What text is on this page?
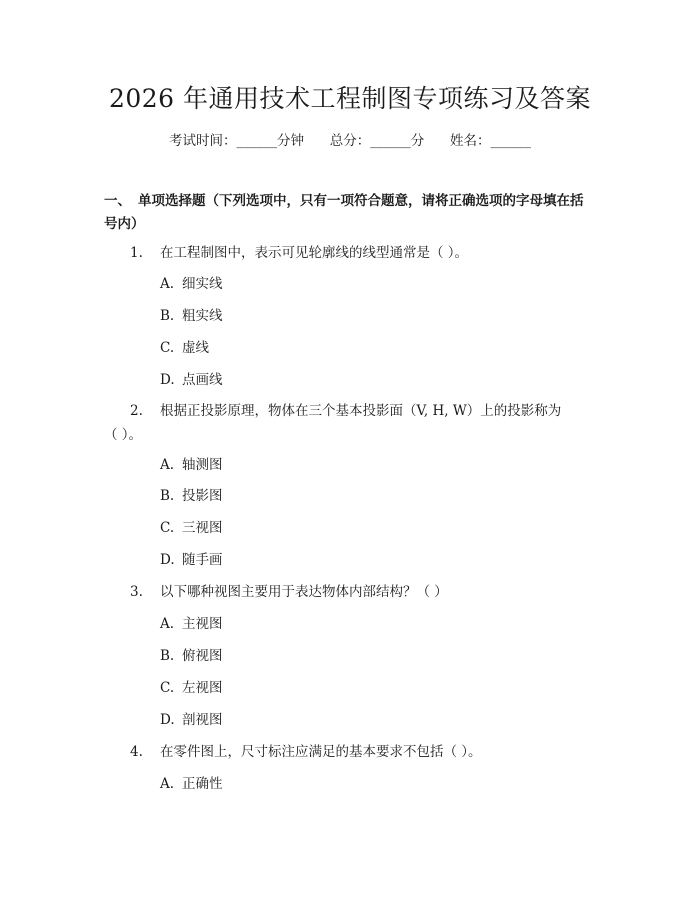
2026 年通用技术工程制图专项练习及答案
考试时间：______分钟 总分：______分 姓名：______
一、 单项选择题（下列选项中，只有一项符合题意，请将正确选项的字母填在括
号内）
1. 在工程制图中，表示可见轮廓线的线型通常是（ ）。
A. 细实线
B. 粗实线
C. 虚线
D. 点画线
2. 根据正投影原理，物体在三个基本投影面（V, H, W）上的投影称为
（ ）。
A. 轴测图
B. 投影图
C. 三视图
D. 随手画
3. 以下哪种视图主要用于表达物体内部结构？（ ）
A. 主视图
B. 俯视图
C. 左视图
D. 剖视图
4. 在零件图上，尺寸标注应满足的基本要求不包括（ ）。
A. 正确性
